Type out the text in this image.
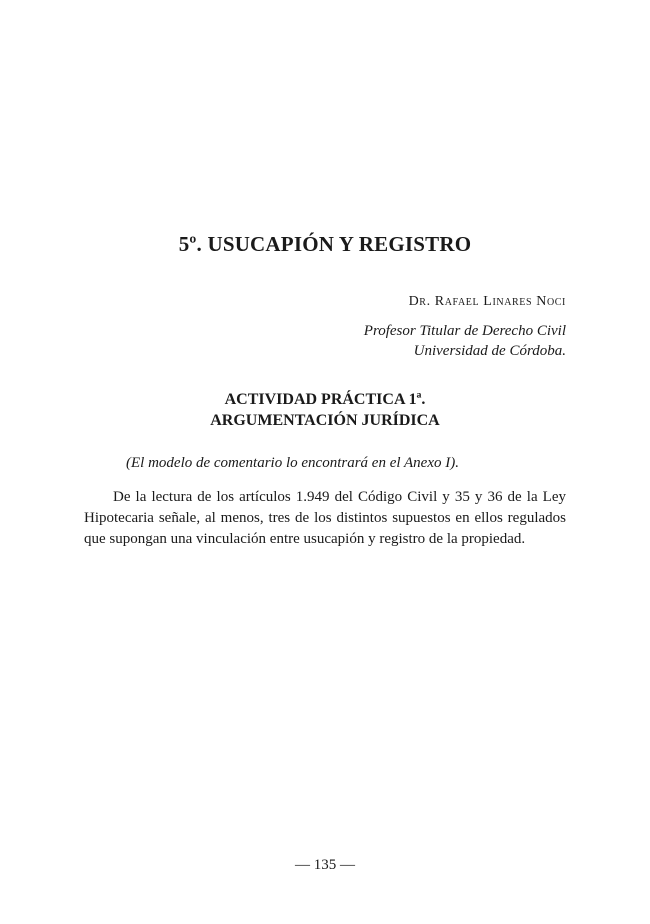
5º. USUCAPIÓN Y REGISTRO
Dr. Rafael Linares Noci
Profesor Titular de Derecho Civil
Universidad de Córdoba.
ACTIVIDAD PRÁCTICA 1ª.
ARGUMENTACIÓN JURÍDICA
(El modelo de comentario lo encontrará en el Anexo I).

De la lectura de los artículos 1.949 del Código Civil y 35 y 36 de la Ley Hipotecaria señale, al menos, tres de los distintos supuestos en ellos regulados que supongan una vinculación entre usucapión y registro de la propiedad.

— 135 —
